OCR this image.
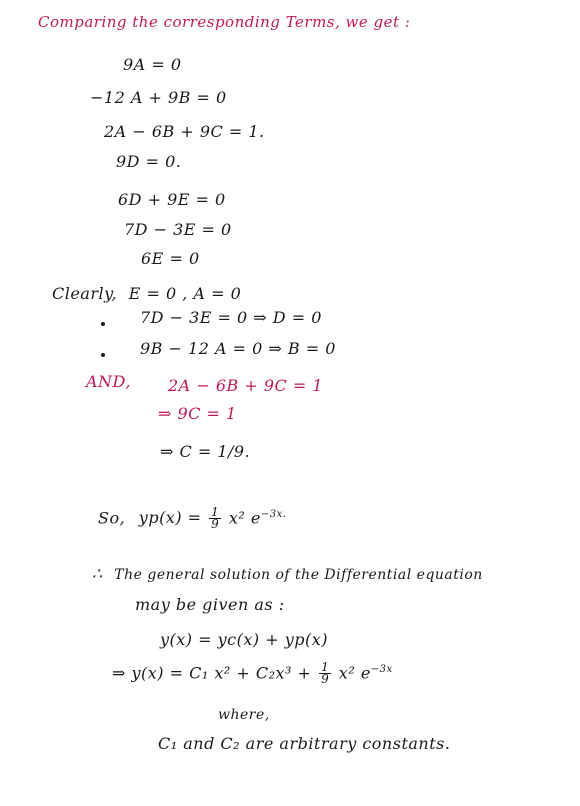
Comparing the corresponding Terms, we get :
9A = 0
−12 A + 9B = 0
2A − 6B + 9C = 1.
9D = 0.
6D + 9E = 0
7D − 3E = 0
6E = 0
Clearly, E = 0 , A = 0
7D − 3E = 0 ⇒ D = 0
9B − 12 A = 0 ⇒ B = 0
AND, 2A − 6B + 9C = 1
⇒ 9C = 1
⇒ C = 1/9.
So, $yp(x) = \frac{1}{9} x^2$ $e^{-3x.}$
∴ The general solution of the Differential equation
may be given as :
y(x) = yc(x) + yp(x)
⇒ y(x) = C₁ $x^2 + C_2x^3 + \frac{1}{9} x^2$ $e^{-3x}$
where,
C₁ and C₂ are arbitrary constants.
